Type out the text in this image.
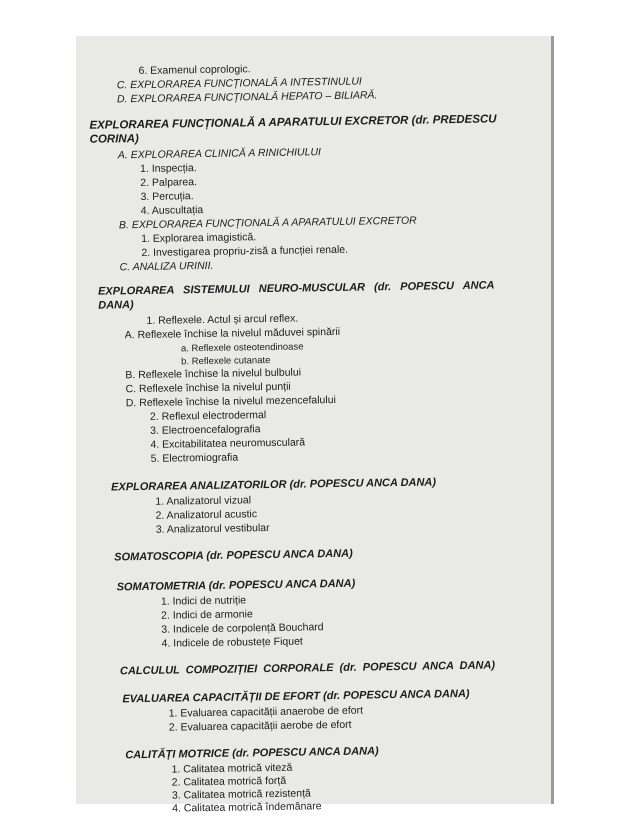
6. Examenul coprologic.
C. EXPLORAREA FUNCȚIONALĂ A INTESTINULUI
D. EXPLORAREA FUNCȚIONALĂ HEPATO – BILIARĂ.
EXPLORAREA FUNCȚIONALĂ A APARATULUI EXCRETOR (dr. PREDESCU
CORINA)
A. EXPLORAREA CLINICĂ A RINICHIULUI
1. Inspecția.
2. Palparea.
3. Percuția.
4. Auscultația
B. EXPLORAREA FUNCȚIONALĂ A APARATULUI EXCRETOR
1. Explorarea imagistică.
2. Investigarea propriu-zisă a funcției renale.
C. ANALIZA URINII.
EXPLORAREA SISTEMULUI NEURO-MUSCULAR (dr. POPESCU ANCA
DANA)
1. Reflexele. Actul și arcul reflex.
A. Reflexele închise la nivelul măduvei spinării
a. Reflexele osteotendinoase
b. Reflexele cutanate
B. Reflexele închise la nivelul bulbului
C. Reflexele închise la nivelul punții
D. Reflexele închise la nivelul mezencefalului
2. Reflexul electrodermal
3. Electroencefalografia
4. Excitabilitatea neuromusculară
5. Electromiografia
EXPLORAREA ANALIZATORILOR (dr. POPESCU ANCA DANA)
1. Analizatorul vizual
2. Analizatorul acustic
3. Analizatorul vestibular
SOMATOSCOPIA (dr. POPESCU ANCA DANA)
SOMATOMETRIA (dr. POPESCU ANCA DANA)
1. Indici de nutriție
2. Indici de armonie
3. Indicele de corpolență Bouchard
4. Indicele de robustețe Fiquet
CALCULUL COMPOZIȚIEI CORPORALE (dr. POPESCU ANCA DANA)
EVALUAREA CAPACITĂȚII DE EFORT (dr. POPESCU ANCA DANA)
1. Evaluarea capacității anaerobe de efort
2. Evaluarea capacității aerobe de efort
CALITĂȚI MOTRICE (dr. POPESCU ANCA DANA)
1. Calitatea motrică viteză
2. Calitatea motrică forță
3. Calitatea motrică rezistență
4. Calitatea motrică îndemânare
